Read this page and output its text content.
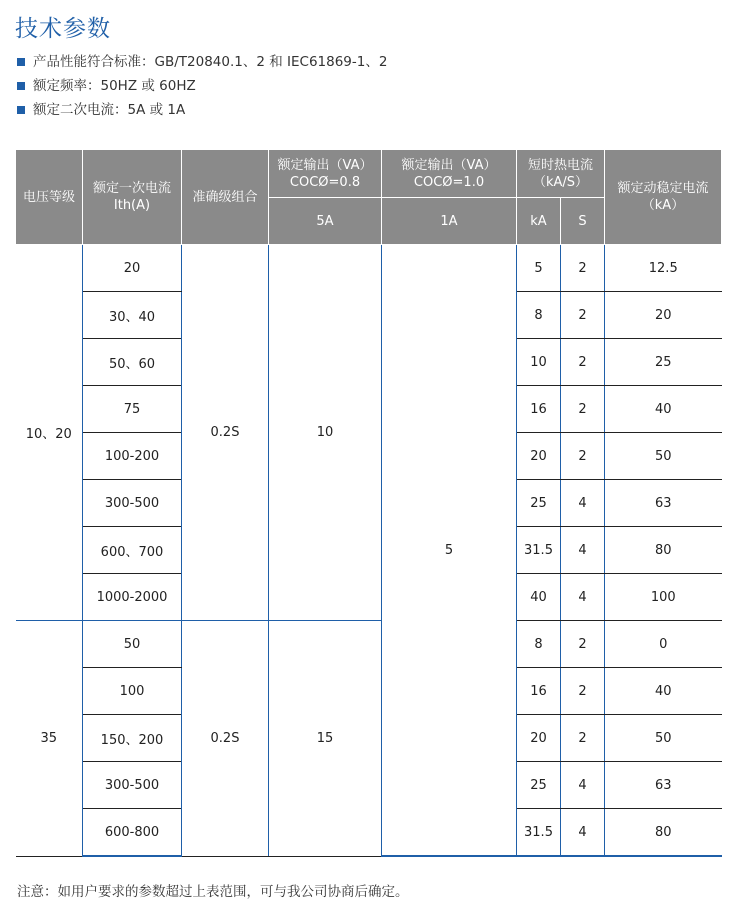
技术参数
产品性能符合标准：GB/T20840.1、2 和 IEC61869-1、2
额定频率：50HZ 或 60HZ
额定二次电流：5A 或 1A
电压等级	额定一次电流 Ith(A)	准确级组合	额定输出（VA）COCØ=0.8	额定输出（VA）COCØ=1.0	短时热电流（kA/S）		额定动稳定电流（kA）
			5A	1A	kA	S	
10、20	20	0.2S	10	5	5	2	12.5
	30、40				8	2	20
	50、60				10	2	25
	75				16	2	40
	100-200				20	2	50
	300-500				25	4	63
	600、700				31.5	4	80
	1000-2000				40	4	100
35	50	0.2S	15		8	2	0
	100				16	2	40
	150、200				20	2	50
	300-500				25	4	63
	600-800				31.5	4	80
注意：如用户要求的参数超过上表范围，可与我公司协商后确定。
